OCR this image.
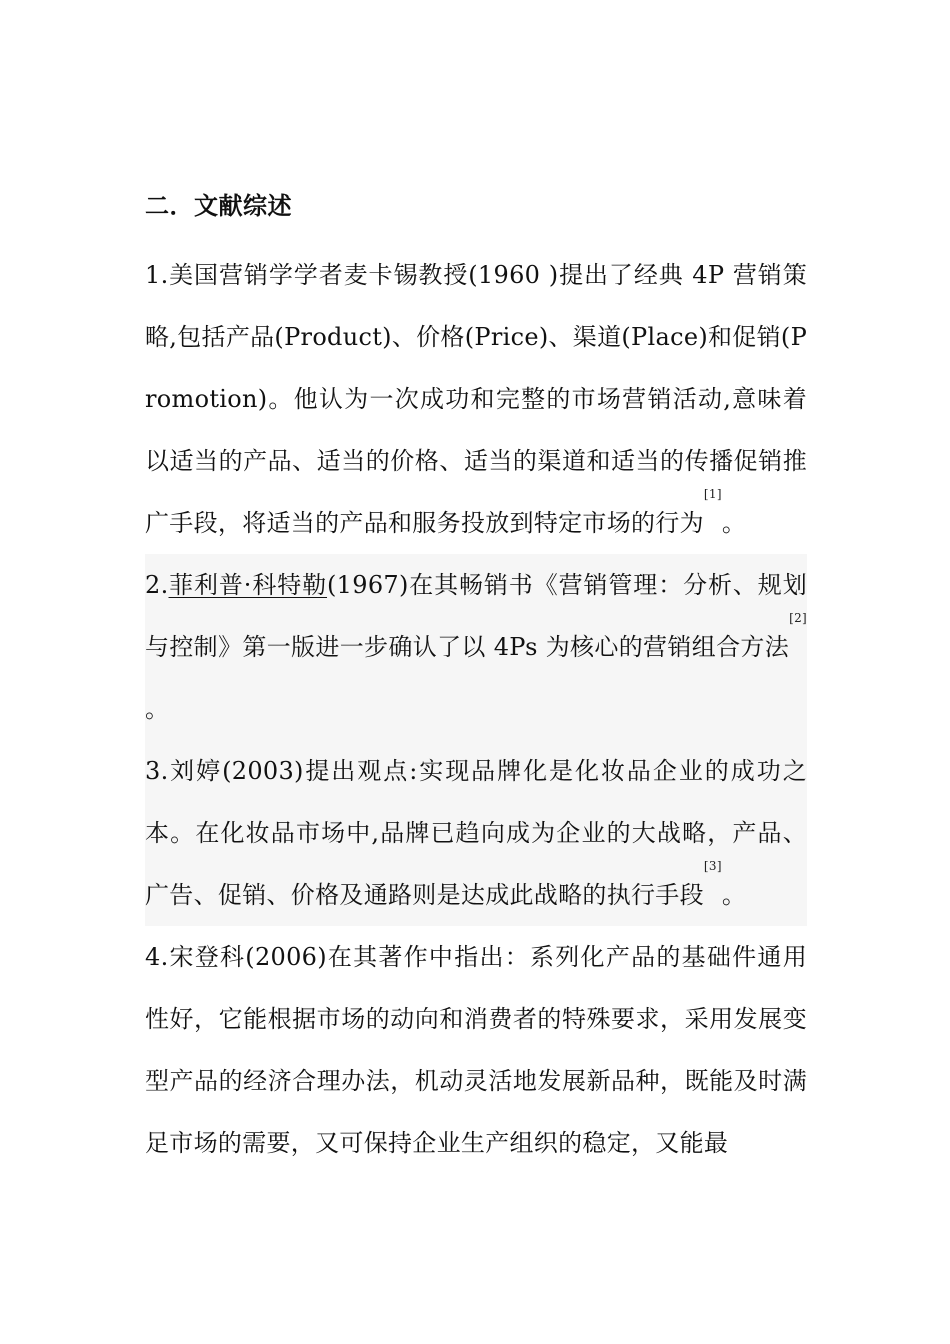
二．文献综述

1.美国营销学学者麦卡锡教授(1960 )提出了经典 4P 营销策略,包括产品(Product)、价格(Price)、渠道(Place)和促销(Promotion)。他认为一次成功和完整的市场营销活动,意味着以适当的产品、适当的价格、适当的渠道和适当的传播促销推广手段，将适当的产品和服务投放到特定市场的行为[1]。

2.菲利普·科特勒(1967)在其畅销书《营销管理：分析、规划与控制》第一版进一步确认了以 4Ps 为核心的营销组合方法[2] 。

3.刘婷(2003)提出观点:实现品牌化是化妆品企业的成功之本。在化妆品市场中,品牌已趋向成为企业的大战略，产品、广告、促销、价格及通路则是达成此战略的执行手段[3]。

4.宋登科(2006)在其著作中指出：系列化产品的基础件通用性好，它能根据市场的动向和消费者的特殊要求，采用发展变型产品的经济合理办法，机动灵活地发展新品种，既能及时满足市场的需要，又可保持企业生产组织的稳定，又能最
